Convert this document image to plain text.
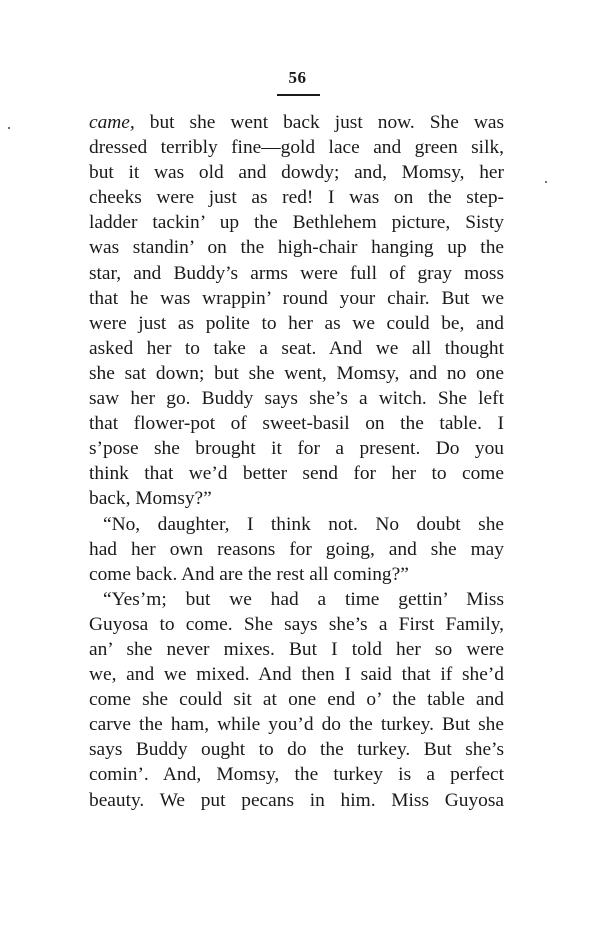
56
came, but she went back just now. She was
dressed terribly fine—gold lace and green silk,
but it was old and dowdy; and, Momsy, her
cheeks were just as red! I was on the step-
ladder tackin’ up the Bethlehem picture, Sisty
was standin’ on the high-chair hanging up the
star, and Buddy’s arms were full of gray moss
that he was wrappin’ round your chair. But we
were just as polite to her as we could be, and
asked her to take a seat. And we all thought
she sat down; but she went, Momsy, and no one
saw her go. Buddy says she’s a witch. She left
that flower-pot of sweet-basil on the table. I
s’pose she brought it for a present. Do you
think that we’d better send for her to come
back, Momsy?”
“No, daughter, I think not. No doubt she
had her own reasons for going, and she may
come back. And are the rest all coming?”
“Yes’m; but we had a time gettin’ Miss
Guyosa to come. She says she’s a First Family,
an’ she never mixes. But I told her so were
we, and we mixed. And then I said that if she’d
come she could sit at one end o’ the table and
carve the ham, while you’d do the turkey. But she
says Buddy ought to do the turkey. But she’s
comin’. And, Momsy, the turkey is a perfect
beauty. We put pecans in him. Miss Guyosa
